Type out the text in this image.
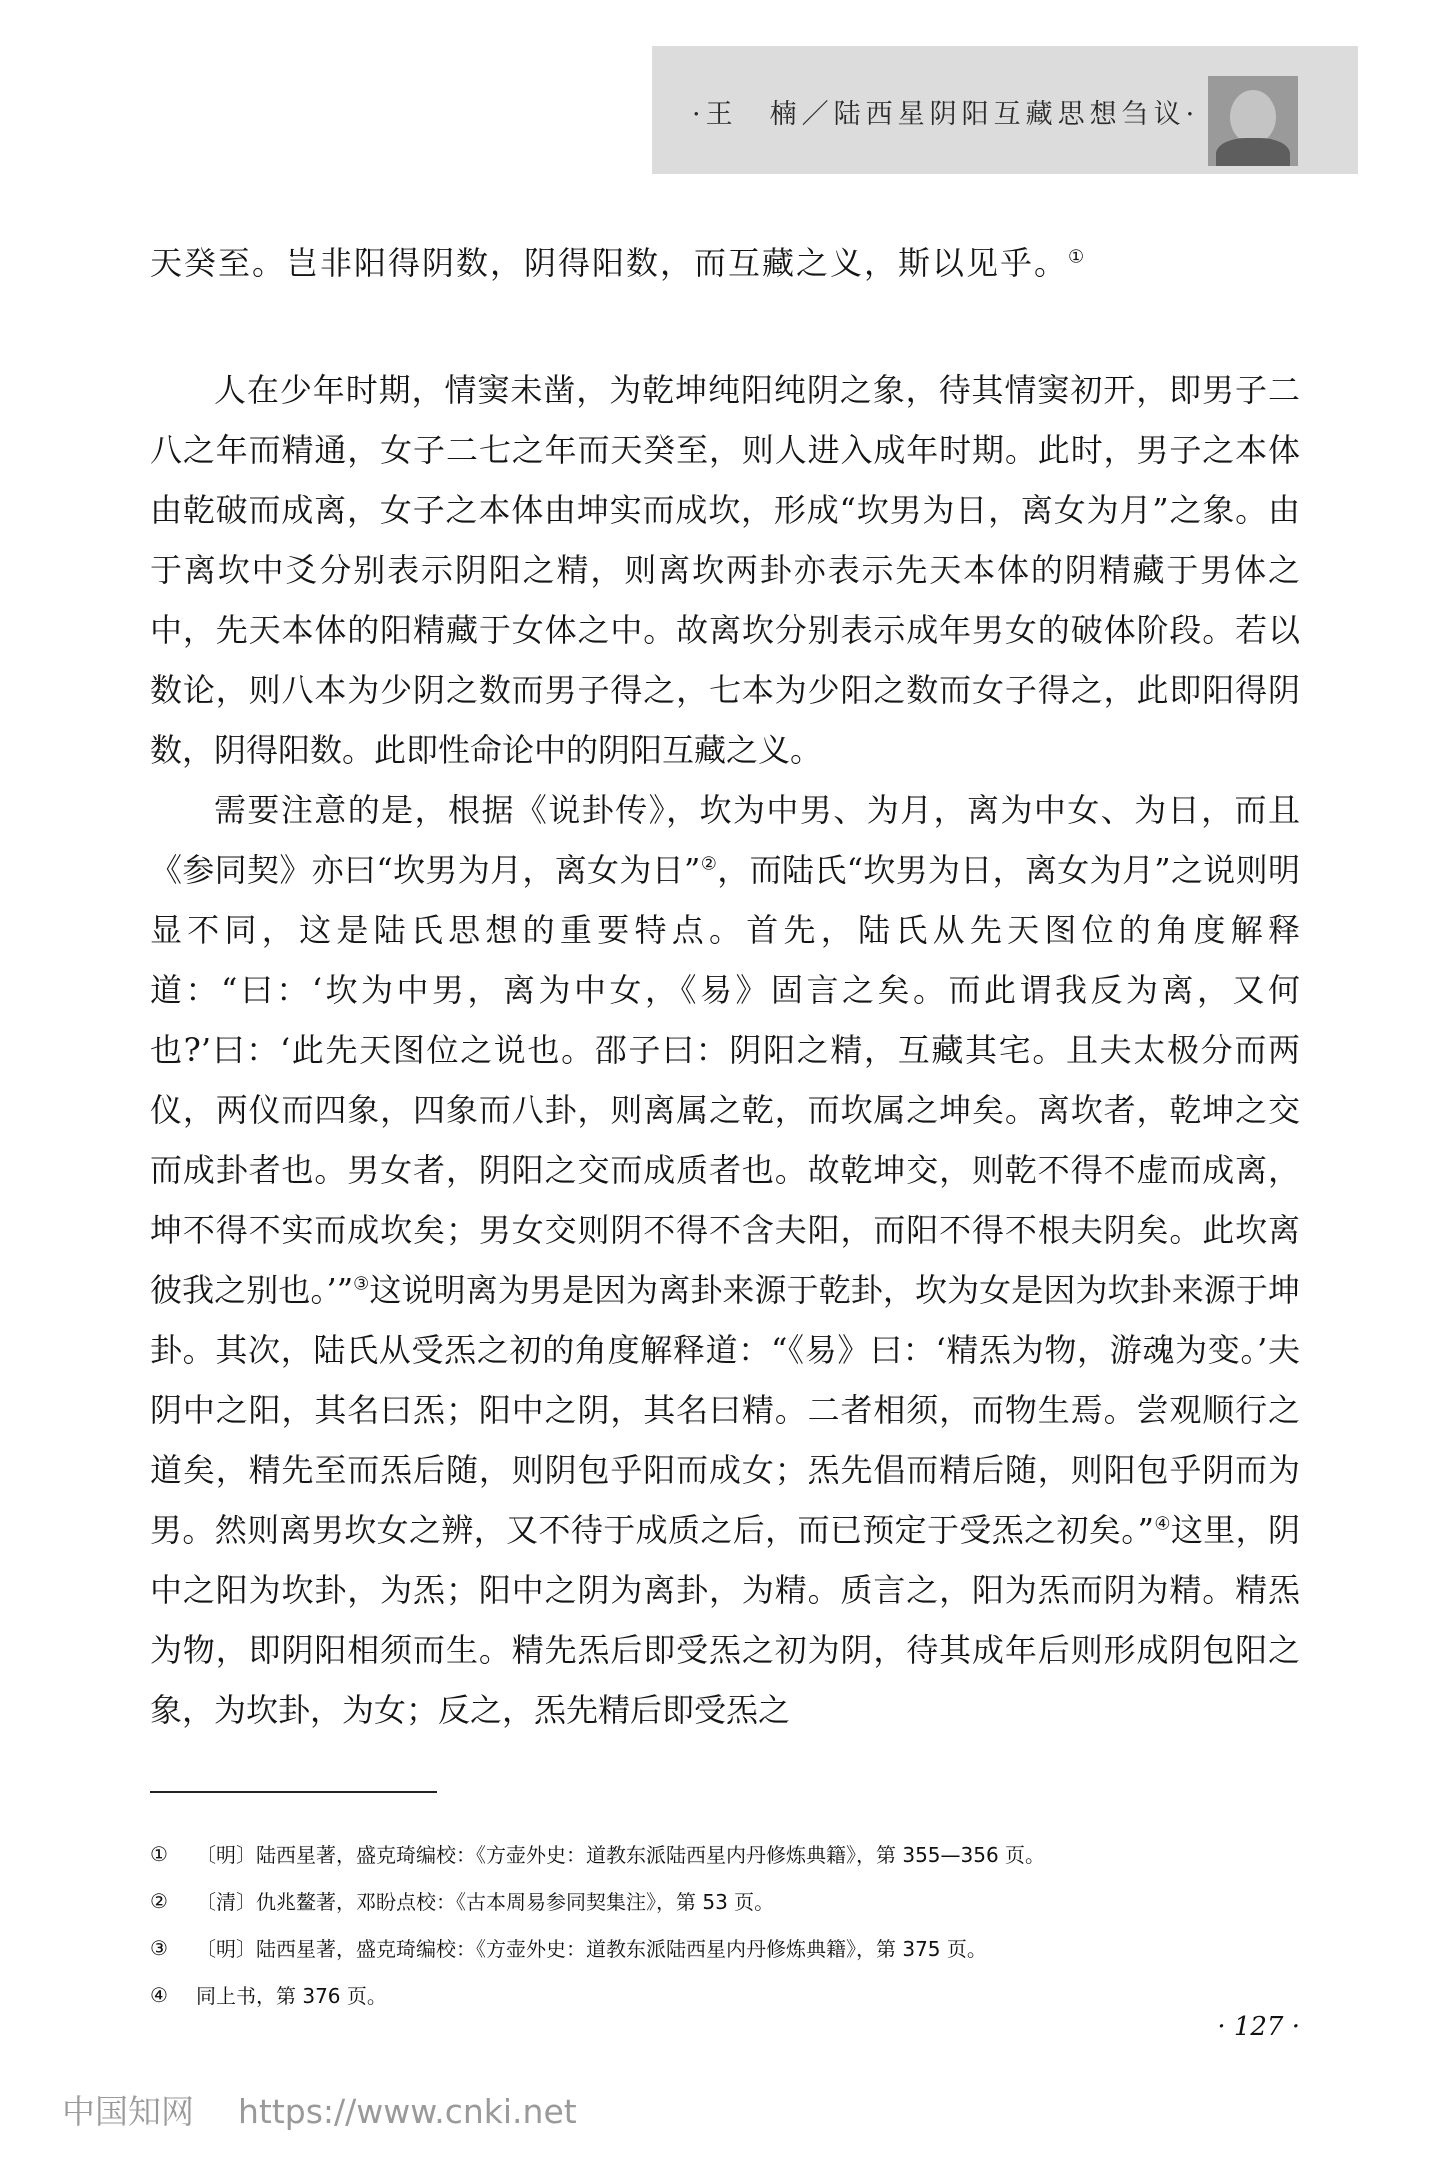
·王　楠／陆西星阴阳互藏思想刍议·
天癸至。岂非阳得阴数，阴得阳数，而互藏之义，斯以见乎。①

人在少年时期，情窦未凿，为乾坤纯阳纯阴之象，待其情窦初开，即男子二八之年而精通，女子二七之年而天癸至，则人进入成年时期。此时，男子之本体由乾破而成离，女子之本体由坤实而成坎，形成“坎男为日，离女为月”之象。由于离坎中爻分别表示阴阳之精，则离坎两卦亦表示先天本体的阴精藏于男体之中，先天本体的阳精藏于女体之中。故离坎分别表示成年男女的破体阶段。若以数论，则八本为少阴之数而男子得之，七本为少阳之数而女子得之，此即阳得阴数，阴得阳数。此即性命论中的阴阳互藏之义。

需要注意的是，根据《说卦传》，坎为中男、为月，离为中女、为日，而且《参同契》亦曰“坎男为月，离女为日”②，而陆氏“坎男为日，离女为月”之说则明显不同，这是陆氏思想的重要特点。首先，陆氏从先天图位的角度解释道：“曰：‘坎为中男，离为中女，《易》固言之矣。而此谓我反为离，又何也?’曰：‘此先天图位之说也。邵子曰：阴阳之精，互藏其宅。且夫太极分而两仪，两仪而四象，四象而八卦，则离属之乾，而坎属之坤矣。离坎者，乾坤之交而成卦者也。男女者，阴阳之交而成质者也。故乾坤交，则乾不得不虚而成离，坤不得不实而成坎矣；男女交则阴不得不含夫阳，而阳不得不根夫阴矣。此坎离彼我之别也。’”③这说明离为男是因为离卦来源于乾卦，坎为女是因为坎卦来源于坤卦。其次，陆氏从受炁之初的角度解释道：“《易》曰：‘精炁为物，游魂为变。’夫阴中之阳，其名曰炁；阳中之阴，其名曰精。二者相须，而物生焉。尝观顺行之道矣，精先至而炁后随，则阴包乎阳而成女；炁先倡而精后随，则阳包乎阴而为男。然则离男坎女之辨，又不待于成质之后，而已预定于受炁之初矣。”④这里，阴中之阳为坎卦，为炁；阳中之阴为离卦，为精。质言之，阳为炁而阴为精。精炁为物，即阴阳相须而生。精先炁后即受炁之初为阴，待其成年后则形成阴包阳之象，为坎卦，为女；反之，炁先精后即受炁之

①	〔明〕陆西星著，盛克琦编校：《方壶外史：道教东派陆西星内丹修炼典籍》，第 355—356 页。
②	〔清〕仇兆鳌著，邓盼点校：《古本周易参同契集注》，第 53 页。
③	〔明〕陆西星著，盛克琦编校：《方壶外史：道教东派陆西星内丹修炼典籍》，第 375 页。
④	同上书，第 376 页。
· 127 ·
中国知网 https://www.cnki.net
